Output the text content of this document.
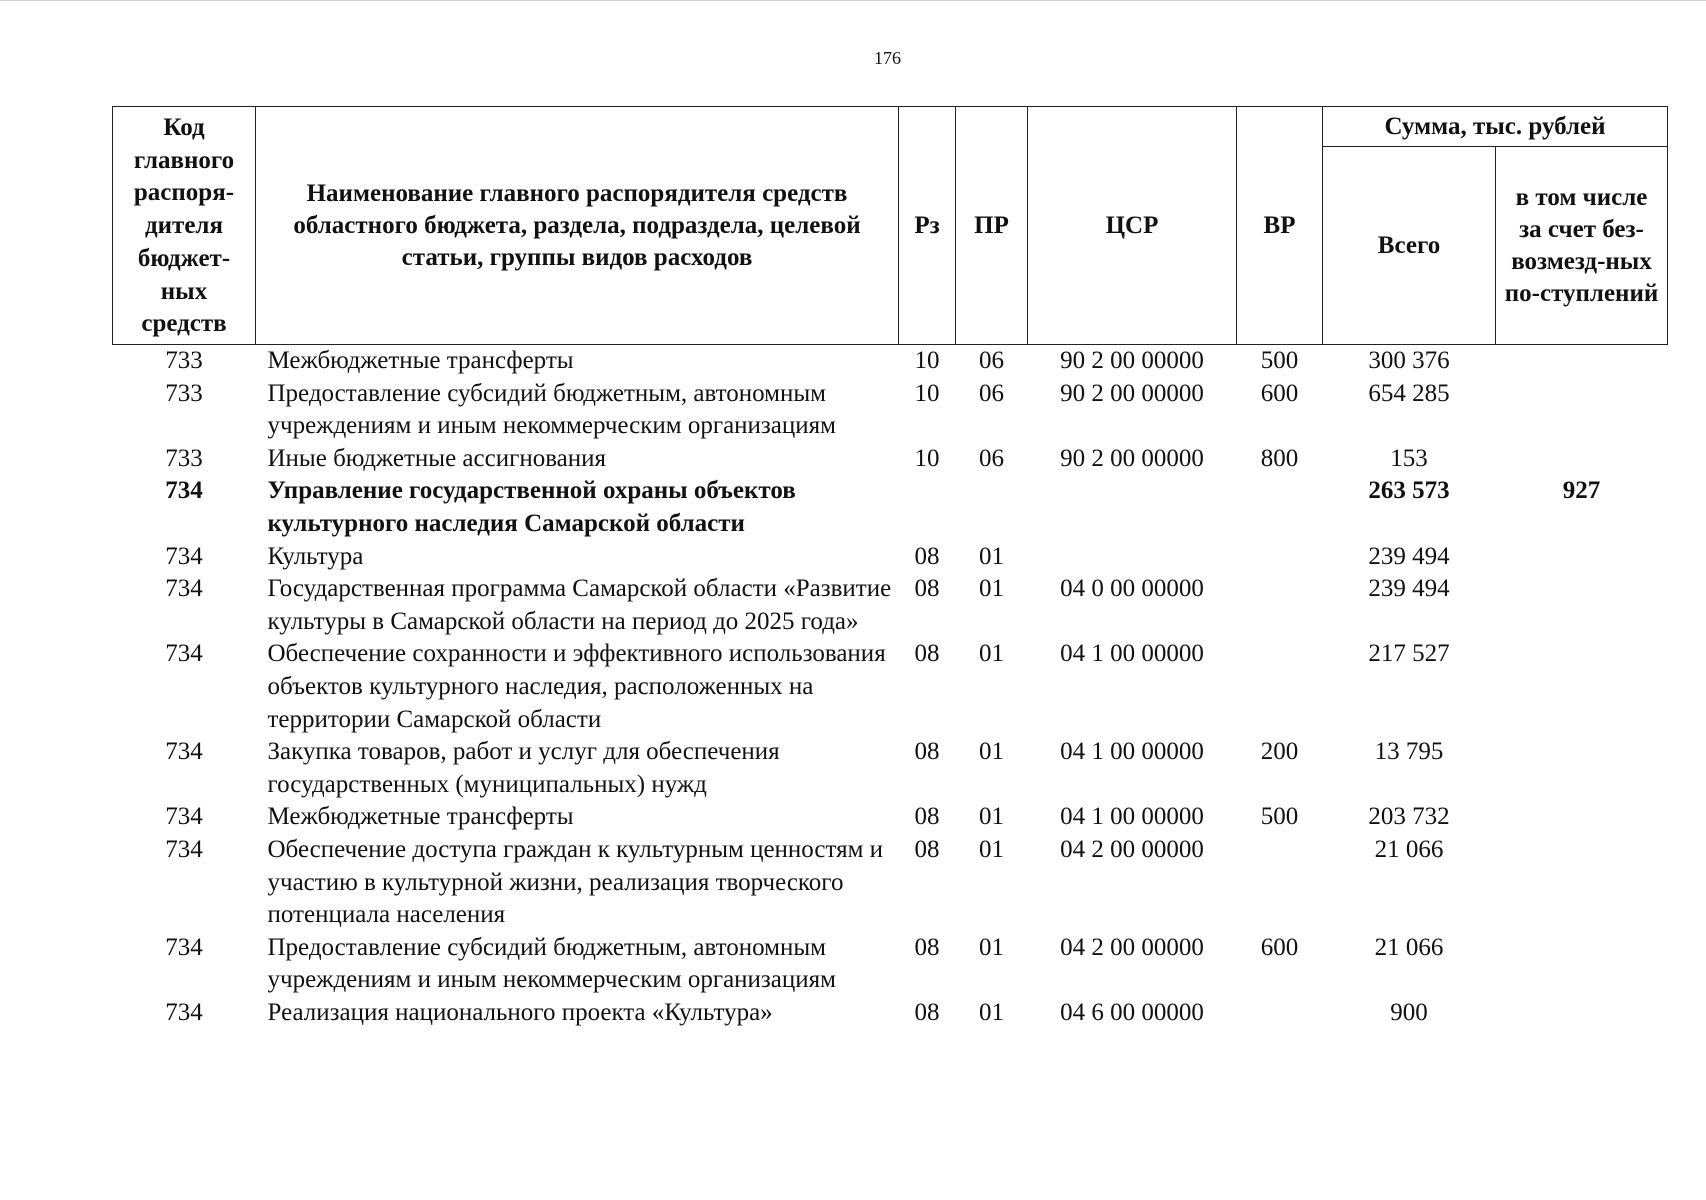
176
Код главного распоря-дителя бюджет-ных средств	Наименование главного распорядителя средств областного бюджета, раздела, подраздела, целевой статьи, группы видов расходов	Рз	ПР	ЦСР	ВР	Сумма, тыс. рублей	
						Всего	в том числе за счет без-возмезд-ных по-ступлений
733	Межбюджетные трансферты	10	06	90 2 00 00000	500	300 376	
733	Предоставление субсидий бюджетным, автономным учреждениям и иным некоммерческим организациям	10	06	90 2 00 00000	600	654 285	
733	Иные бюджетные ассигнования	10	06	90 2 00 00000	800	153	
734	Управление государственной охраны объектов культурного наследия Самарской области					263 573	927
734	Культура	08	01			239 494	
734	Государственная программа Самарской области «Развитие культуры в Самарской области на период до 2025 года»	08	01	04 0 00 00000		239 494	
734	Обеспечение сохранности и эффективного использования объектов культурного наследия, расположенных на территории Самарской области	08	01	04 1 00 00000		217 527	
734	Закупка товаров, работ и услуг для обеспечения государственных (муниципальных) нужд	08	01	04 1 00 00000	200	13 795	
734	Межбюджетные трансферты	08	01	04 1 00 00000	500	203 732	
734	Обеспечение доступа граждан к культурным ценностям и участию в культурной жизни, реализация творческого потенциала населения	08	01	04 2 00 00000		21 066	
734	Предоставление субсидий бюджетным, автономным учреждениям и иным некоммерческим организациям	08	01	04 2 00 00000	600	21 066	
734	Реализация национального проекта «Культура»	08	01	04 6 00 00000		900	
